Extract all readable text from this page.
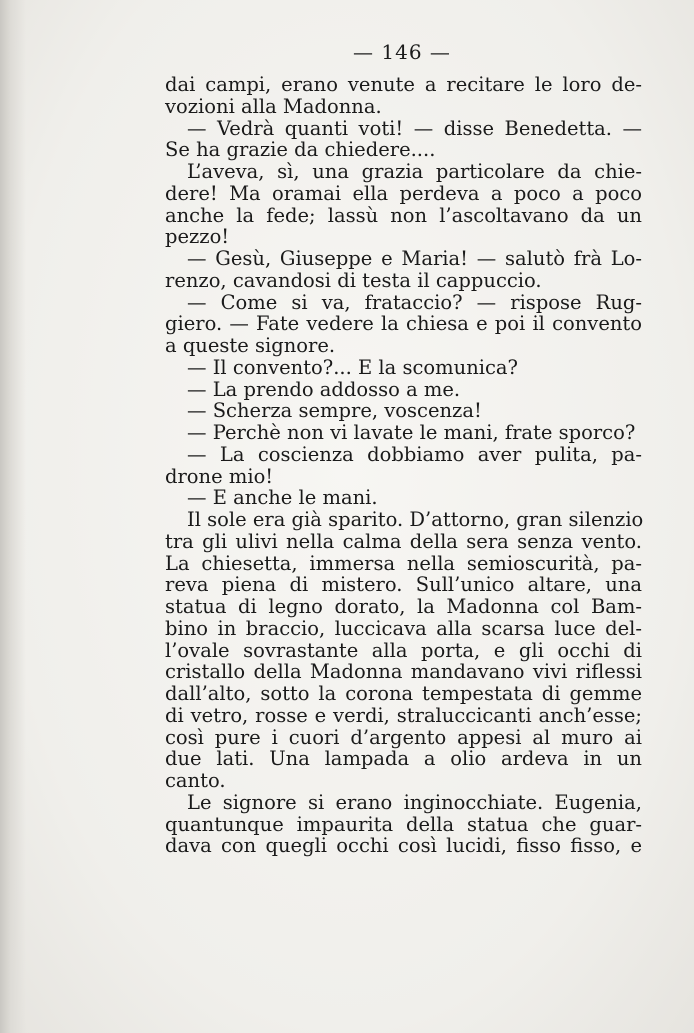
— 146 —
dai campi, erano venute a recitare le loro de-
vozioni alla Madonna.
— Vedrà quanti voti! — disse Benedetta. —
Se ha grazie da chiedere....
L’aveva, sì, una grazia particolare da chie-
dere! Ma oramai ella perdeva a poco a poco
anche la fede; lassù non l’ascoltavano da un
pezzo!
— Gesù, Giuseppe e Maria! — salutò frà Lo-
renzo, cavandosi di testa il cappuccio.
— Come si va, frataccio? — rispose Rug-
giero. — Fate vedere la chiesa e poi il convento
a queste signore.
— Il convento?... E la scomunica?
— La prendo addosso a me.
— Scherza sempre, voscenza!
— Perchè non vi lavate le mani, frate sporco?
— La coscienza dobbiamo aver pulita, pa-
drone mio!
— E anche le mani.
Il sole era già sparito. D’attorno, gran silenzio
tra gli ulivi nella calma della sera senza vento.
La chiesetta, immersa nella semioscurità, pa-
reva piena di mistero. Sull’unico altare, una
statua di legno dorato, la Madonna col Bam-
bino in braccio, luccicava alla scarsa luce del-
l’ovale sovrastante alla porta, e gli occhi di
cristallo della Madonna mandavano vivi riflessi
dall’alto, sotto la corona tempestata di gemme
di vetro, rosse e verdi, straluccicanti anch’esse;
così pure i cuori d’argento appesi al muro ai
due lati. Una lampada a olio ardeva in un
canto.
Le signore si erano inginocchiate. Eugenia,
quantunque impaurita della statua che guar-
dava con quegli occhi così lucidi, fisso fisso, e
